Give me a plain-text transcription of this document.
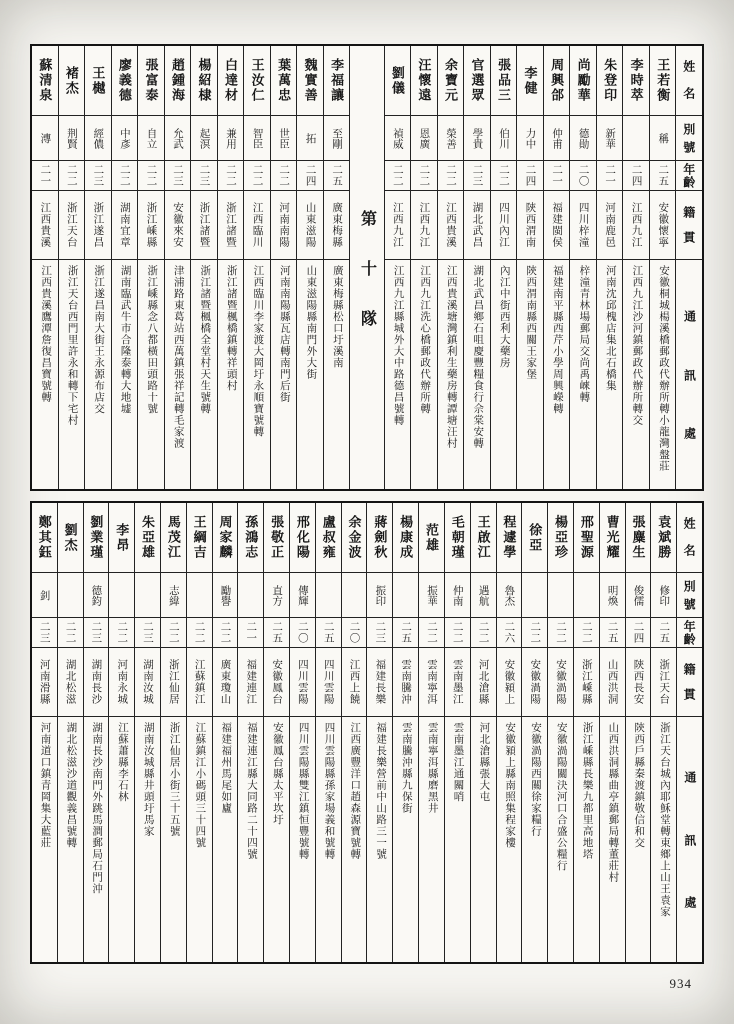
姓
名
別
號
年
齡
籍
貫
通
訊
處
王若衡
稱
二五
安徽懷寧
安徽桐城楊溪橋郵政代辦所轉小龍灣盤莊
李時萃
二四
江西九江
江西九江沙河鎮郵政代辦所轉交
朱登印
新華
二一
河南鹿邑
河南沈邱槐店集北石橋集
尚勵華
德勛
二〇
四川梓潼
梓潼青林場郵局交尚禹崍轉
周興郃
仲甫
二一
福建閩侯
福建南平縣西芹小學周興嶸轉
李健
力中
二四
陝西渭南
陝西渭南縣西關王家堡
張品三
伯川
二二
四川內江
內江中街西利大藥房
官選眾
學貴
二三
湖北武昌
湖北武昌鄉石咀慶豐糧食行佘棠安轉
余寶元
榮善
二二
江西貴溪
江西貴溪塘灣鎮利生藥房轉譚塘汪村
汪懷遠
恩廣
二二
江西九江
江西九江洗心橋郵政代辦所轉
劉儀
禎威
二二
江西九江
江西九江縣城外大中路德昌號轉
第
十
隊
李福讓
至剛
二五
廣東梅縣
廣東梅縣松口圩溪南
魏實善
拓
二四
山東滋陽
山東滋陽縣南門外大街
葉萬忠
世臣
二二
河南南陽
河南南陽縣瓦店轉南門后街
王汝仁
智臣
二二
江西臨川
江西臨川李家渡大岡圩永順寶號轉
白達材
兼用
二二
浙江諸暨
浙江諸暨楓橋鎮轉祥頭村
楊紹棣
起溟
二三
浙江諸暨
浙江諸暨楓橋全堂村天生號轉
趙鍾海
允武
二三
安徽來安
津浦路東葛站西萬鎮張祥記轉毛家渡
張富泰
自立
二二
浙江嵊縣
浙江嵊縣念八都橫田頭路十號
廖義德
中彥
二二
湖南宜章
湖南臨武牛市合隆泰轉大地墟
王樾
經儂
二三
浙江遂昌
浙江遂昌南大街王永源布店交
褚杰
荆賢
二二
浙江天台
浙江天台西門里許永和轉下宅村
蘇清泉
漙
二一
江西貴溪
江西貴溪鷹潭詹復昌寶號轉
姓
名
別
號
年
齡
籍
貫
通
訊
處
袁斌勝
修印
二五
浙江天台
浙江天台城內耶穌堂轉東鄉上山王袁家
張麋生
俊儒
二四
陝西長安
陝西戶縣秦渡鎮敬信和交
曹光耀
明煥
二五
山西洪洞
山西洪洞縣曲亭鎮郵局轉董莊村
邢聖源
二二
浙江嵊縣
浙江嵊縣長樂九都里高地塔
楊亞珍
二二
安徽渦陽
安徽渦陽關決河口合盛公糧行
徐亞
二二
安徽渦陽
安徽渦陽西關徐家糧行
程遽學
魯杰
二六
安徽潁上
安徽潁上縣南照集程家樓
王啟江
遇航
二二
河北滄縣
河北滄縣張大屯
毛朝瑾
仲南
二二
雲南墨江
雲南墨江通關哨
范雄
振華
二二
雲南寧洱
雲南寧洱縣磨黑井
楊康成
二五
雲南騰沖
雲南騰沖縣九保街
蔣劍秋
振印
二三
福建長樂
福建長樂營前中山路三一號
余金波
二〇
江西上饒
江西廣豐洋口趙森源寶號轉
盧叔雍
二五
四川雲陽
四川雲陽縣孫家場義和號轉
邢化陽
傳輝
二〇
四川雲陽
四川雲陽縣雙江鎮恒豐號轉
張敬正
直方
二五
安徽鳳台
安徽鳳台縣太平坎圩
孫鴻志
二一
福建連江
福建連江縣大同路二十四號
周家麟
勵譽
二二
廣東瓊山
福建福州馬尾如廬
王綱吉
二二
江蘇鎮江
江蘇鎮江小碼頭三十四號
馬茂江
志緯
二二
浙江仙居
浙江仙居小街三十五號
朱亞雄
二三
湖南汝城
湖南汝城縣井頭圩馬家
李昂
二二
河南永城
江蘇蕭縣李石林
劉業瑾
德鈞
二三
湖南長沙
湖南長沙南門外跳馬澗郵局石門沖
劉杰
二二
湖北松滋
湖北松滋沙道觀義昌號轉
鄭其鈺
釗
二三
河南滑縣
河南道口鎮青岡集大藍莊
934
